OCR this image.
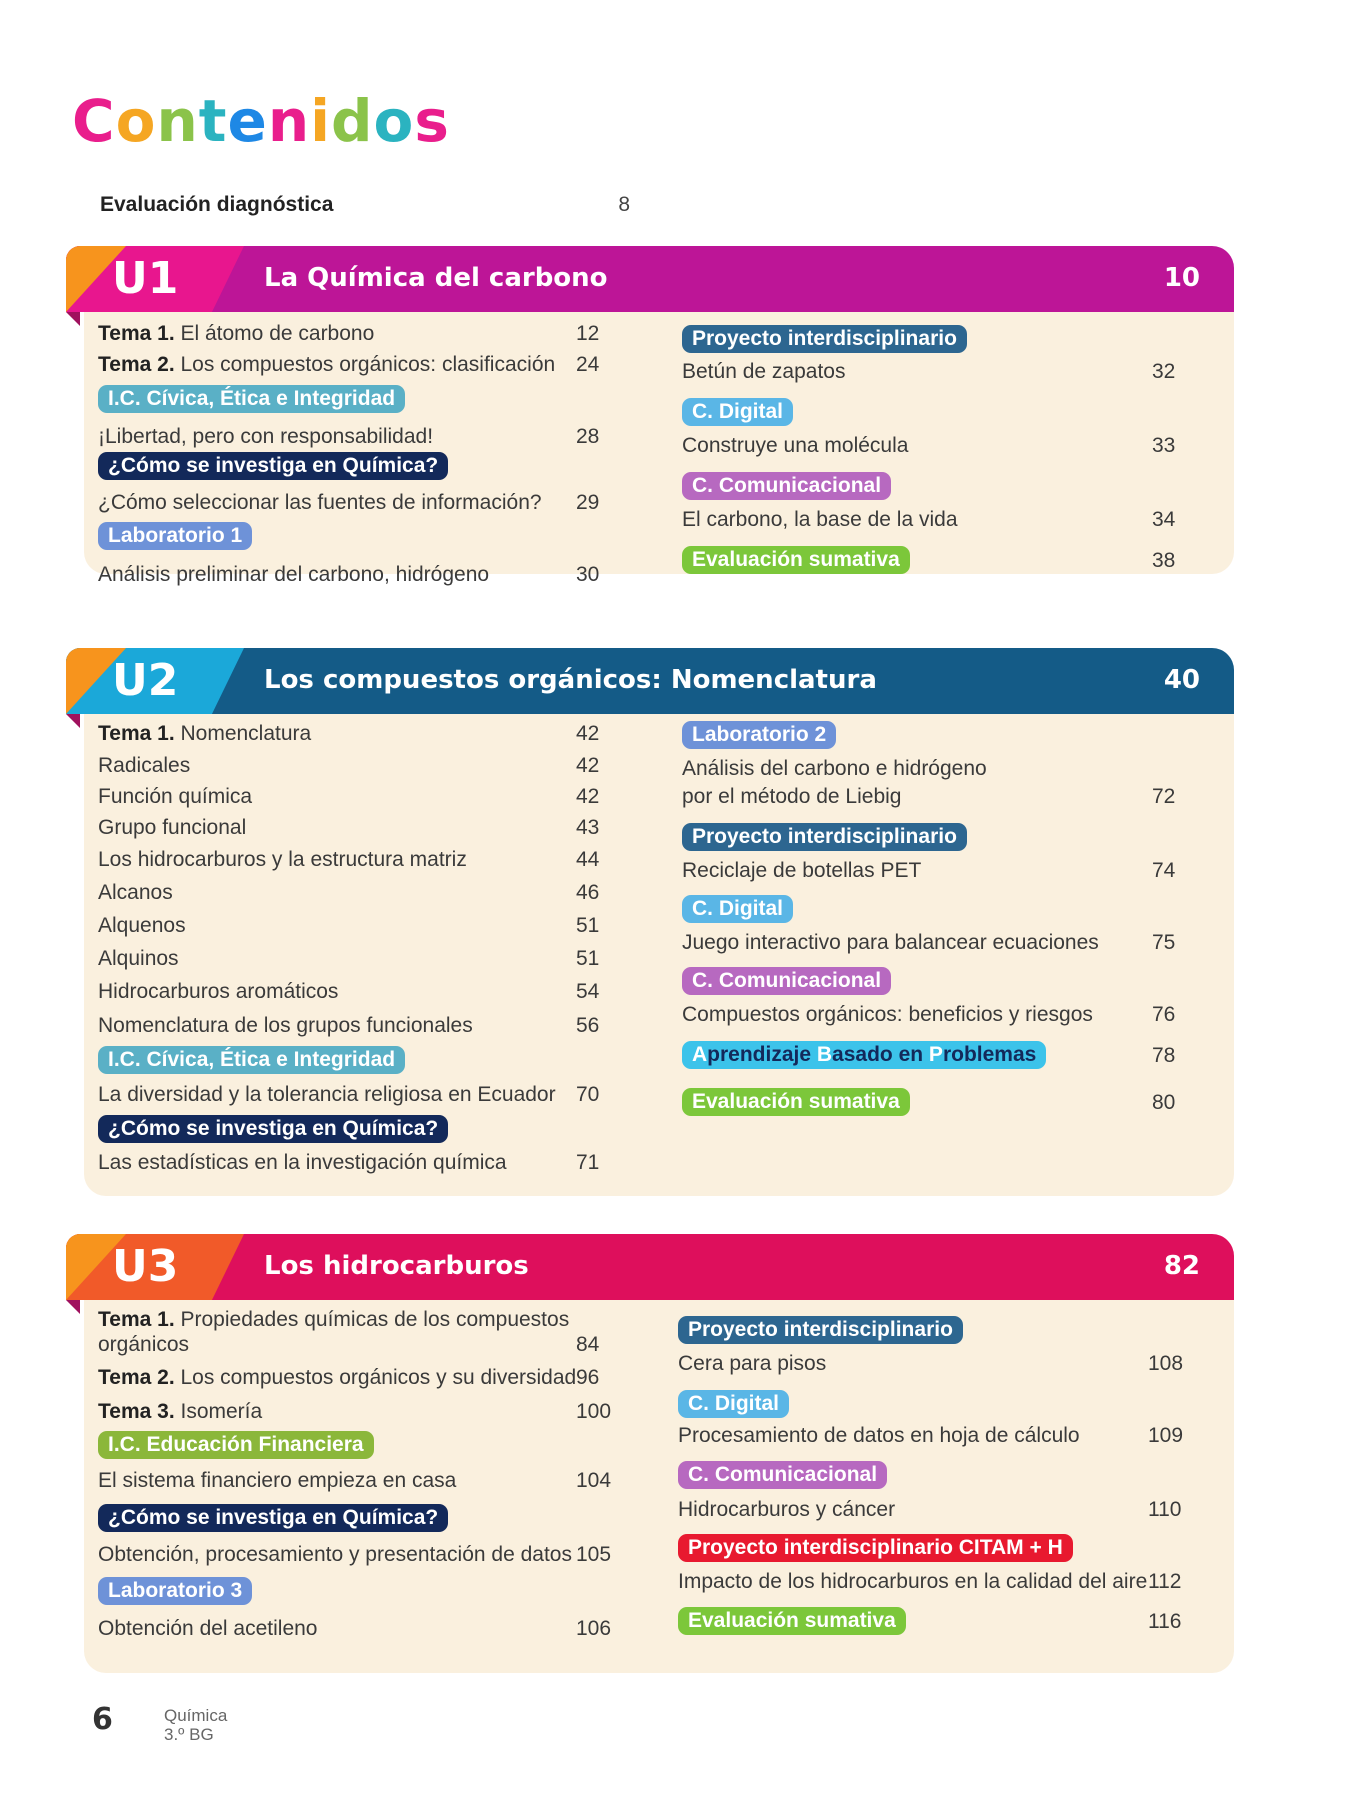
Contenidos
Evaluación diagnóstica	8
U1	La Química del carbono	10
Tema 1. El átomo de carbono	12
Tema 2. Los compuestos orgánicos: clasificación 24
I.C. Cívica, Ética e Integridad
¡Libertad, pero con responsabilidad!	28
¿Cómo se investiga en Química?
¿Cómo seleccionar las fuentes de información? 29
Laboratorio 1
Análisis preliminar del carbono, hidrógeno	30
Proyecto interdisciplinario
Betún de zapatos	32
C. Digital
Construye una molécula	33
C. Comunicacional
El carbono, la base de la vida	34
Evaluación sumativa	38
U2	Los compuestos orgánicos: Nomenclatura	40
Tema 1. Nomenclatura	42
Radicales	42
Función química	42
Grupo funcional	43
Los hidrocarburos y la estructura matriz	44
Alcanos	46
Alquenos	51
Alquinos	51
Hidrocarburos aromáticos	54
Nomenclatura de los grupos funcionales	56
I.C. Cívica, Ética e Integridad
La diversidad y la tolerancia religiosa en Ecuador 70
¿Cómo se investiga en Química?
Las estadísticas en la investigación química	71
Laboratorio 2
Análisis del carbono e hidrógeno
por el método de Liebig	72
Proyecto interdisciplinario
Reciclaje de botellas PET	74
C. Digital
Juego interactivo para balancear ecuaciones	75
C. Comunicacional
Compuestos orgánicos: beneficios y riesgos	76
Aprendizaje Basado en Problemas	78
Evaluación sumativa	80
U3	Los hidrocarburos	82
Tema 1. Propiedades químicas de los compuestos
orgánicos	84
Tema 2. Los compuestos orgánicos y su diversidad 96
Tema 3. Isomería	100
I.C. Educación Financiera
El sistema financiero empieza en casa	104
¿Cómo se investiga en Química?
Obtención, procesamiento y presentación de datos 105
Laboratorio 3
Obtención del acetileno	106
Proyecto interdisciplinario
Cera para pisos	108
C. Digital
Procesamiento de datos en hoja de cálculo	109
C. Comunicacional
Hidrocarburos y cáncer	110
Proyecto interdisciplinario CITAM + H
Impacto de los hidrocarburos en la calidad del aire 112
Evaluación sumativa	116
6	Química
3.º BG
